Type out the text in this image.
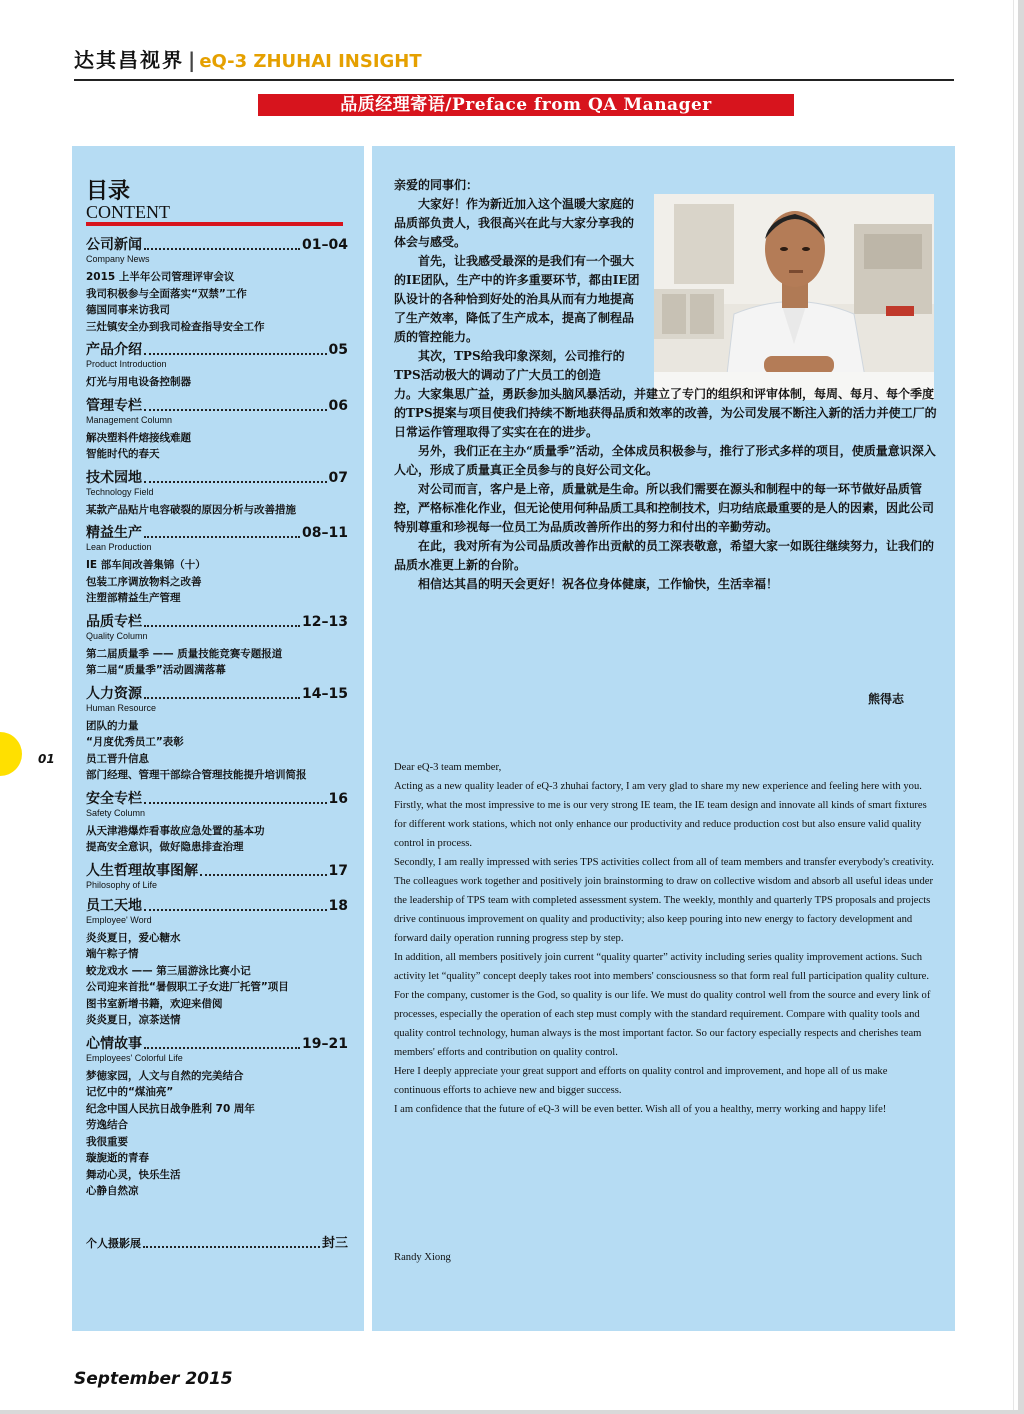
达其昌视界 | eQ-3 ZHUHAI INSIGHT
品质经理寄语/Preface from QA Manager
目录
CONTENT
公司新闻	01–04
Company News
2015 上半年公司管理评审会议
我司积极参与全面落实“双禁”工作
德国同事来访我司
三灶镇安全办到我司检查指导安全工作
产品介绍	05
Product Introduction
灯光与用电设备控制器
管理专栏	06
Management Column
解决塑料件熔接线难题
智能时代的春天
技术园地	07
Technology Field
某款产品贴片电容破裂的原因分析与改善措施
精益生产	08–11
Lean Production
IE 部车间改善集锦（十）
包装工序调放物料之改善
注塑部精益生产管理
品质专栏	12–13
Quality Column
第二届质量季 —— 质量技能竞赛专题报道
第二届“质量季”活动圆满落幕
人力资源	14–15
Human Resource
团队的力量
“月度优秀员工”表彰
员工晋升信息
部门经理、管理干部综合管理技能提升培训简报
安全专栏	16
Safety Column
从天津港爆炸看事故应急处置的基本功
提高安全意识，做好隐患排查治理
人生哲理故事图解	17
Philosophy of Life
员工天地	18
Employee' Word
炎炎夏日，爱心糖水
端午粽子情
蛟龙戏水 —— 第三届游泳比赛小记
公司迎来首批“暑假职工子女进厂托管”项目
图书室新增书籍，欢迎来借阅
炎炎夏日，凉茶送情
心情故事	19–21
Employees' Colorful Life
梦徳家园，人文与自然的完美结合
记忆中的“煤油亮”
纪念中国人民抗日战争胜利 70 周年
劳逸结合
我很重要
璇旎逝的青春
舞动心灵，快乐生活
心静自然凉
个人摄影展	封三

亲爱的同事们：

大家好！作为新近加入这个温暖大家庭的品质部负责人，我很高兴在此与大家分享我的体会与感受。

首先，让我感受最深的是我们有一个强大的IE团队，生产中的许多重要环节，都由IE团队设计的各种恰到好处的治具从而有力地提高了生产效率，降低了生产成本，提高了制程品质的管控能力。

其次，TPS给我印象深刻，公司推行的TPS活动极大的调动了广大员工的创造

力。大家集思广益，勇跃参加头脑风暴活动，并建立了专门的组织和评审体制，每周、每月、每个季度的TPS提案与项目使我们持续不断地获得品质和效率的改善，为公司发展不断注入新的活力并使工厂的日常运作管理取得了实实在在的进步。

另外，我们正在主办“质量季”活动，全体成员积极参与，推行了形式多样的项目，使质量意识深入人心，形成了质量真正全员参与的良好公司文化。

对公司而言，客户是上帝，质量就是生命。所以我们需要在源头和制程中的每一环节做好品质管控，严格标准化作业，但无论使用何种品质工具和控制技术，归功结底最重要的是人的因素，因此公司特别尊重和珍视每一位员工为品质改善所作出的努力和付出的辛勤劳动。

在此，我对所有为公司品质改善作出贡献的员工深表敬意，希望大家一如既往继续努力，让我们的品质水准更上新的台阶。

相信达其昌的明天会更好！祝各位身体健康，工作愉快，生活幸福！

熊得志

Dear eQ-3 team member,

Acting as a new quality leader of eQ-3 zhuhai factory, I am very glad to share my new experience and feeling here with you.

Firstly, what the most impressive to me is our very strong IE team, the IE team design and innovate all kinds of smart fixtures for different work stations, which not only enhance our productivity and reduce production cost but also ensure valid quality control in process.

Secondly, I am really impressed with series TPS activities collect from all of team members and transfer everybody's creativity. The colleagues work together and positively join brainstorming to draw on collective wisdom and absorb all useful ideas under the leadership of TPS team with completed assessment system. The weekly, monthly and quarterly TPS proposals and projects drive continuous improvement on quality and productivity; also keep pouring into new energy to factory development and forward daily operation running progress step by step.

In addition, all members positively join current “quality quarter” activity including series quality improvement actions. Such activity let “quality” concept deeply takes root into members' consciousness so that form real full participation quality culture.

For the company, customer is the God, so quality is our life. We must do quality control well from the source and every link of processes, especially the operation of each step must comply with the standard requirement. Compare with quality tools and quality control technology, human always is the most important factor. So our factory especially respects and cherishes team members' efforts and contribution on quality control.

Here I deeply appreciate your great support and efforts on quality control and improvement, and hope all of us make continuous efforts to achieve new and bigger success.

I am confidence that the future of eQ-3 will be even better. Wish all of you a healthy, merry working and happy life!

Randy Xiong
01
September 2015
